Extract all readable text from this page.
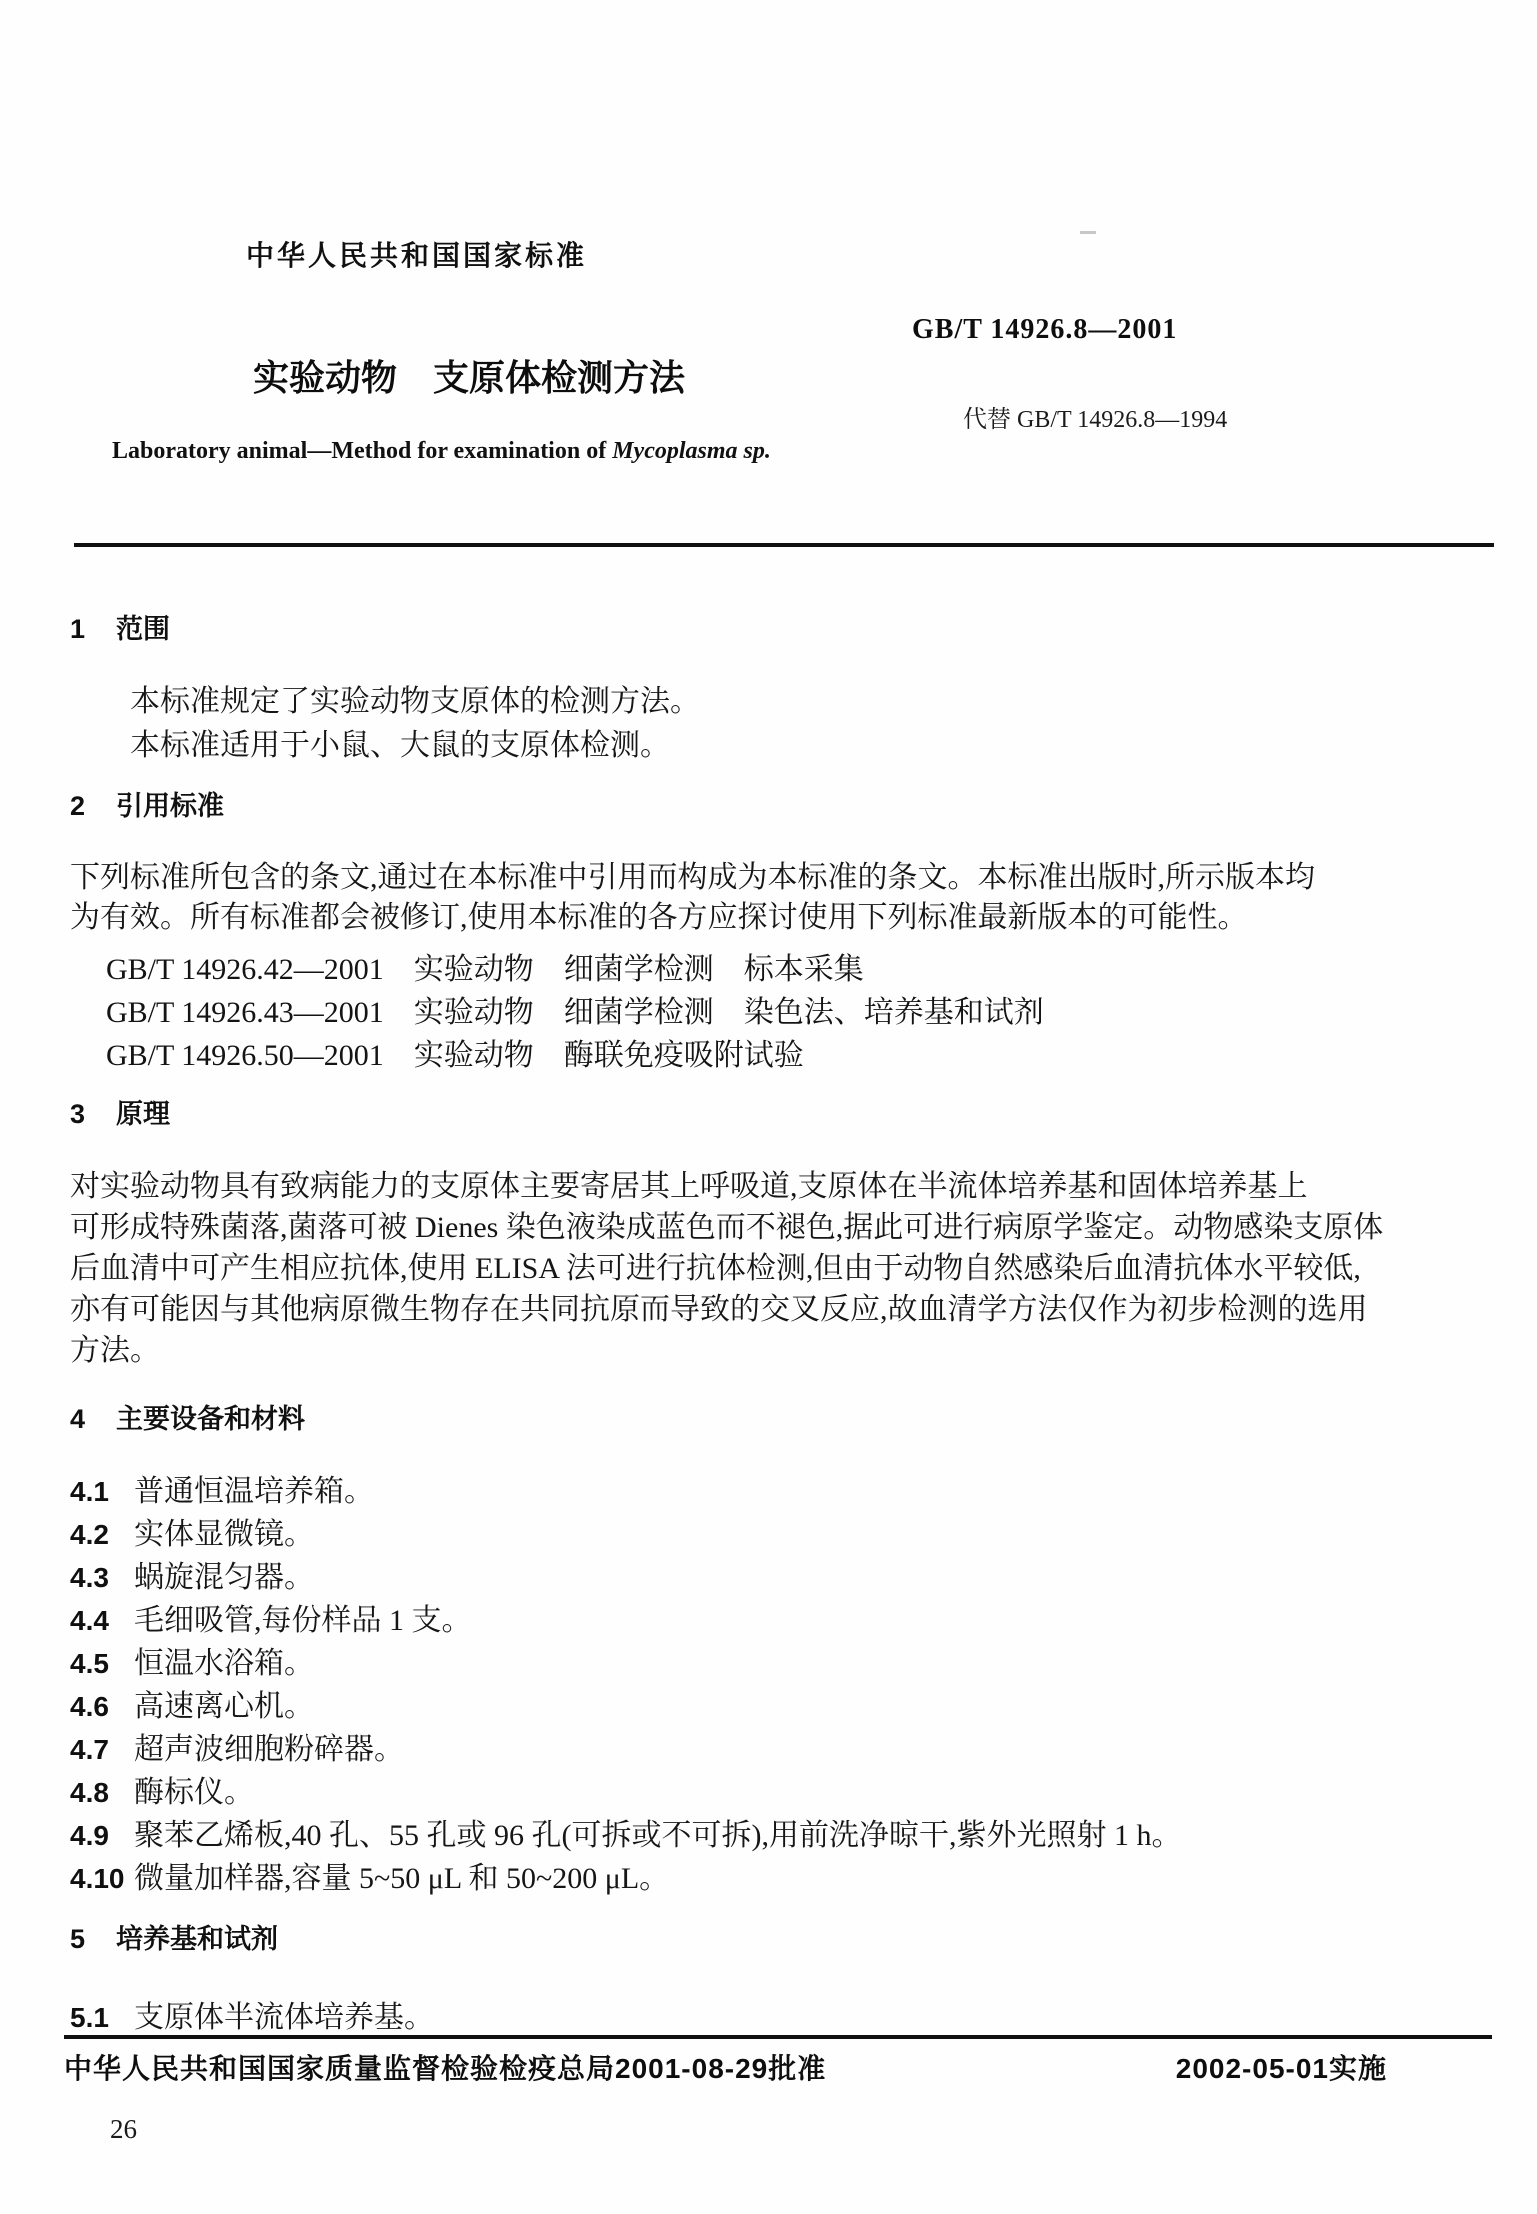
中华人民共和国国家标准
GB/T 14926.8—2001
实验动物　支原体检测方法
代替 GB/T 14926.8—1994
Laboratory animal—Method for examination of Mycoplasma sp.
1	范围

本标准规定了实验动物支原体的检测方法。

本标准适用于小鼠、大鼠的支原体检测。

2	引用标准

下列标准所包含的条文,通过在本标准中引用而构成为本标准的条文。本标准出版时,所示版本均

为有效。所有标准都会被修订,使用本标准的各方应探讨使用下列标准最新版本的可能性。

GB/T 14926.42—2001　实验动物　细菌学检测　标本采集

GB/T 14926.43—2001　实验动物　细菌学检测　染色法、培养基和试剂

GB/T 14926.50—2001　实验动物　酶联免疫吸附试验

3	原理

对实验动物具有致病能力的支原体主要寄居其上呼吸道,支原体在半流体培养基和固体培养基上

可形成特殊菌落,菌落可被 Dienes 染色液染成蓝色而不褪色,据此可进行病原学鉴定。动物感染支原体

后血清中可产生相应抗体,使用 ELISA 法可进行抗体检测,但由于动物自然感染后血清抗体水平较低,

亦有可能因与其他病原微生物存在共同抗原而导致的交叉反应,故血清学方法仅作为初步检测的选用

方法。

4	主要设备和材料
4.1 普通恒温培养箱。
4.2 实体显微镜。
4.3 蜗旋混匀器。
4.4 毛细吸管,每份样品 1 支。
4.5 恒温水浴箱。
4.6 高速离心机。
4.7 超声波细胞粉碎器。
4.8 酶标仪。
4.9 聚苯乙烯板,40 孔、55 孔或 96 孔(可拆或不可拆),用前洗净晾干,紫外光照射 1 h。
4.10 微量加样器,容量 5~50 μL 和 50~200 μL。
5	培养基和试剂
5.1 支原体半流体培养基。
中华人民共和国国家质量监督检验检疫总局2001-08-29批准	2002-05-01实施
26
